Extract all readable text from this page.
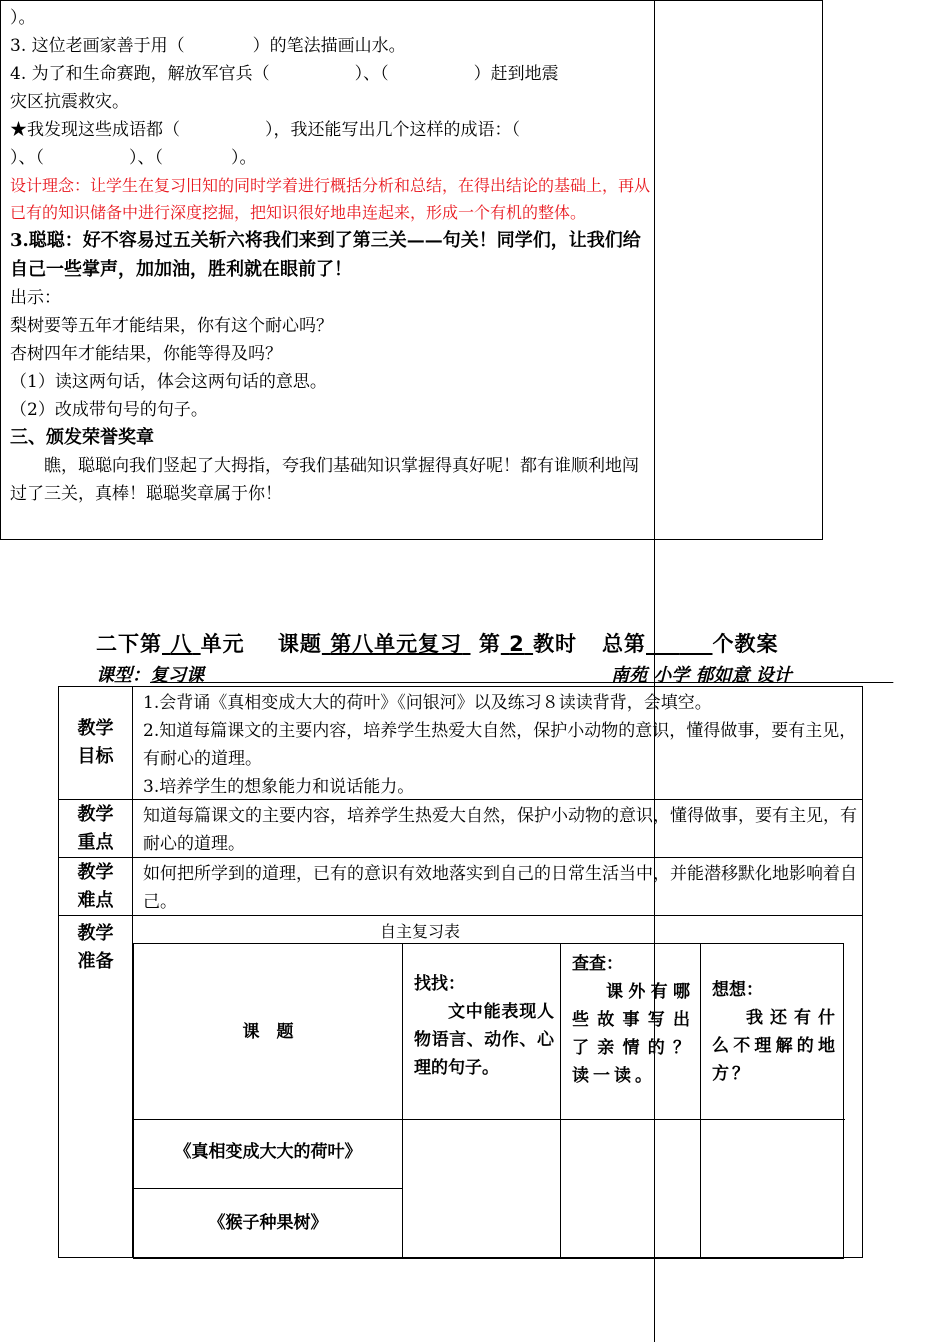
）。

3. 这位老画家善于用（　　　　）的笔法描画山水。

4. 为了和生命赛跑，解放军官兵（　　　　　）、（　　　　　）赶到地震

灾区抗震救灾。

★我发现这些成语都（　　　　　），我还能写出几个这样的成语：（

）、（　　　　　）、（　　　　）。

设计理念：让学生在复习旧知的同时学着进行概括分析和总结，在得出结论的基础上，再从已有的知识储备中进行深度挖掘，把知识很好地串连起来，形成一个有机的整体。

3.聪聪：好不容易过五关斩六将我们来到了第三关——句关！同学们，让我们给自己一些掌声，加加油，胜利就在眼前了！

出示：

梨树要等五年才能结果，你有这个耐心吗？

杏树四年才能结果，你能等得及吗？

（1）读这两句话，体会这两句话的意思。

（2）改成带句号的句子。

三、颁发荣誉奖章

瞧，聪聪向我们竖起了大拇指，夸我们基础知识掌握得真好呢！都有谁顺利地闯过了三关，真棒！聪聪奖章属于你！

二下第 八 单元 课题 第八单元复习 第 2 教时 总第	个教案
课型：复习课	南苑 小学 郁如意 设计
教学目标

1.会背诵《真相变成大大的荷叶》《问银河》以及练习８读读背背，会填空。

2.知道每篇课文的主要内容，培养学生热爱大自然，保护小动物的意识，懂得做事，要有主见，有耐心的道理。

3.培养学生的想象能力和说话能力。

教学重点

知道每篇课文的主要内容，培养学生热爱大自然，保护小动物的意识，懂得做事，要有主见，有耐心的道理。

教学难点

如何把所学到的道理，已有的意识有效地落实到自己的日常生活当中，并能潜移默化地影响着自己。

教学准备
自主复习表
课　题
找找：
文中能表现人物语言、动作、心理的句子。
查查：
课外有哪些故事写出了亲情的？读一读。
想想：
我还有什么不理解的地方？
《真相变成大大的荷叶》
《猴子种果树》
